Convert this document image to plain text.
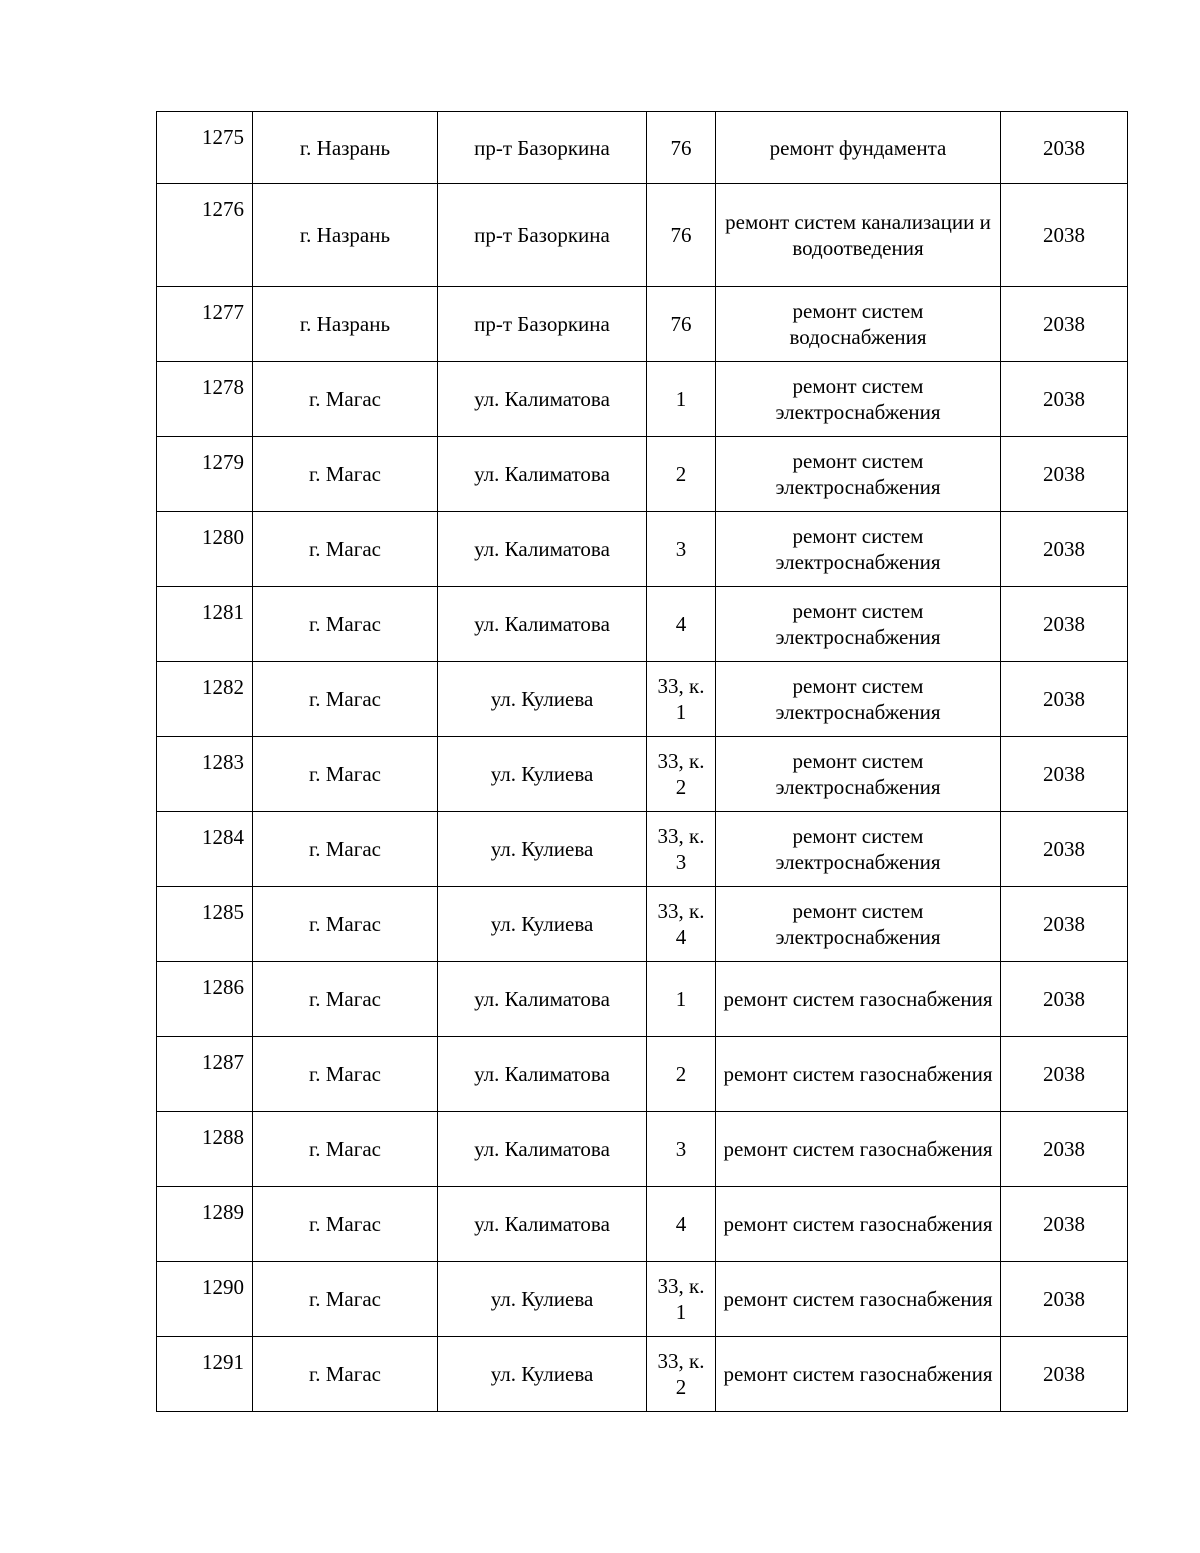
1275	г. Назрань	пр-т Базоркина	76	ремонт фундамента	2038
1276	г. Назрань	пр-т Базоркина	76	ремонт систем канализации и водоотведения	2038
1277	г. Назрань	пр-т Базоркина	76	ремонт систем водоснабжения	2038
1278	г. Магас	ул. Калиматова	1	ремонт систем электроснабжения	2038
1279	г. Магас	ул. Калиматова	2	ремонт систем электроснабжения	2038
1280	г. Магас	ул. Калиматова	3	ремонт систем электроснабжения	2038
1281	г. Магас	ул. Калиматова	4	ремонт систем электроснабжения	2038
1282	г. Магас	ул. Кулиева	33, к. 1	ремонт систем электроснабжения	2038
1283	г. Магас	ул. Кулиева	33, к. 2	ремонт систем электроснабжения	2038
1284	г. Магас	ул. Кулиева	33, к. 3	ремонт систем электроснабжения	2038
1285	г. Магас	ул. Кулиева	33, к. 4	ремонт систем электроснабжения	2038
1286	г. Магас	ул. Калиматова	1	ремонт систем газоснабжения	2038
1287	г. Магас	ул. Калиматова	2	ремонт систем газоснабжения	2038
1288	г. Магас	ул. Калиматова	3	ремонт систем газоснабжения	2038
1289	г. Магас	ул. Калиматова	4	ремонт систем газоснабжения	2038
1290	г. Магас	ул. Кулиева	33, к. 1	ремонт систем газоснабжения	2038
1291	г. Магас	ул. Кулиева	33, к. 2	ремонт систем газоснабжения	2038
